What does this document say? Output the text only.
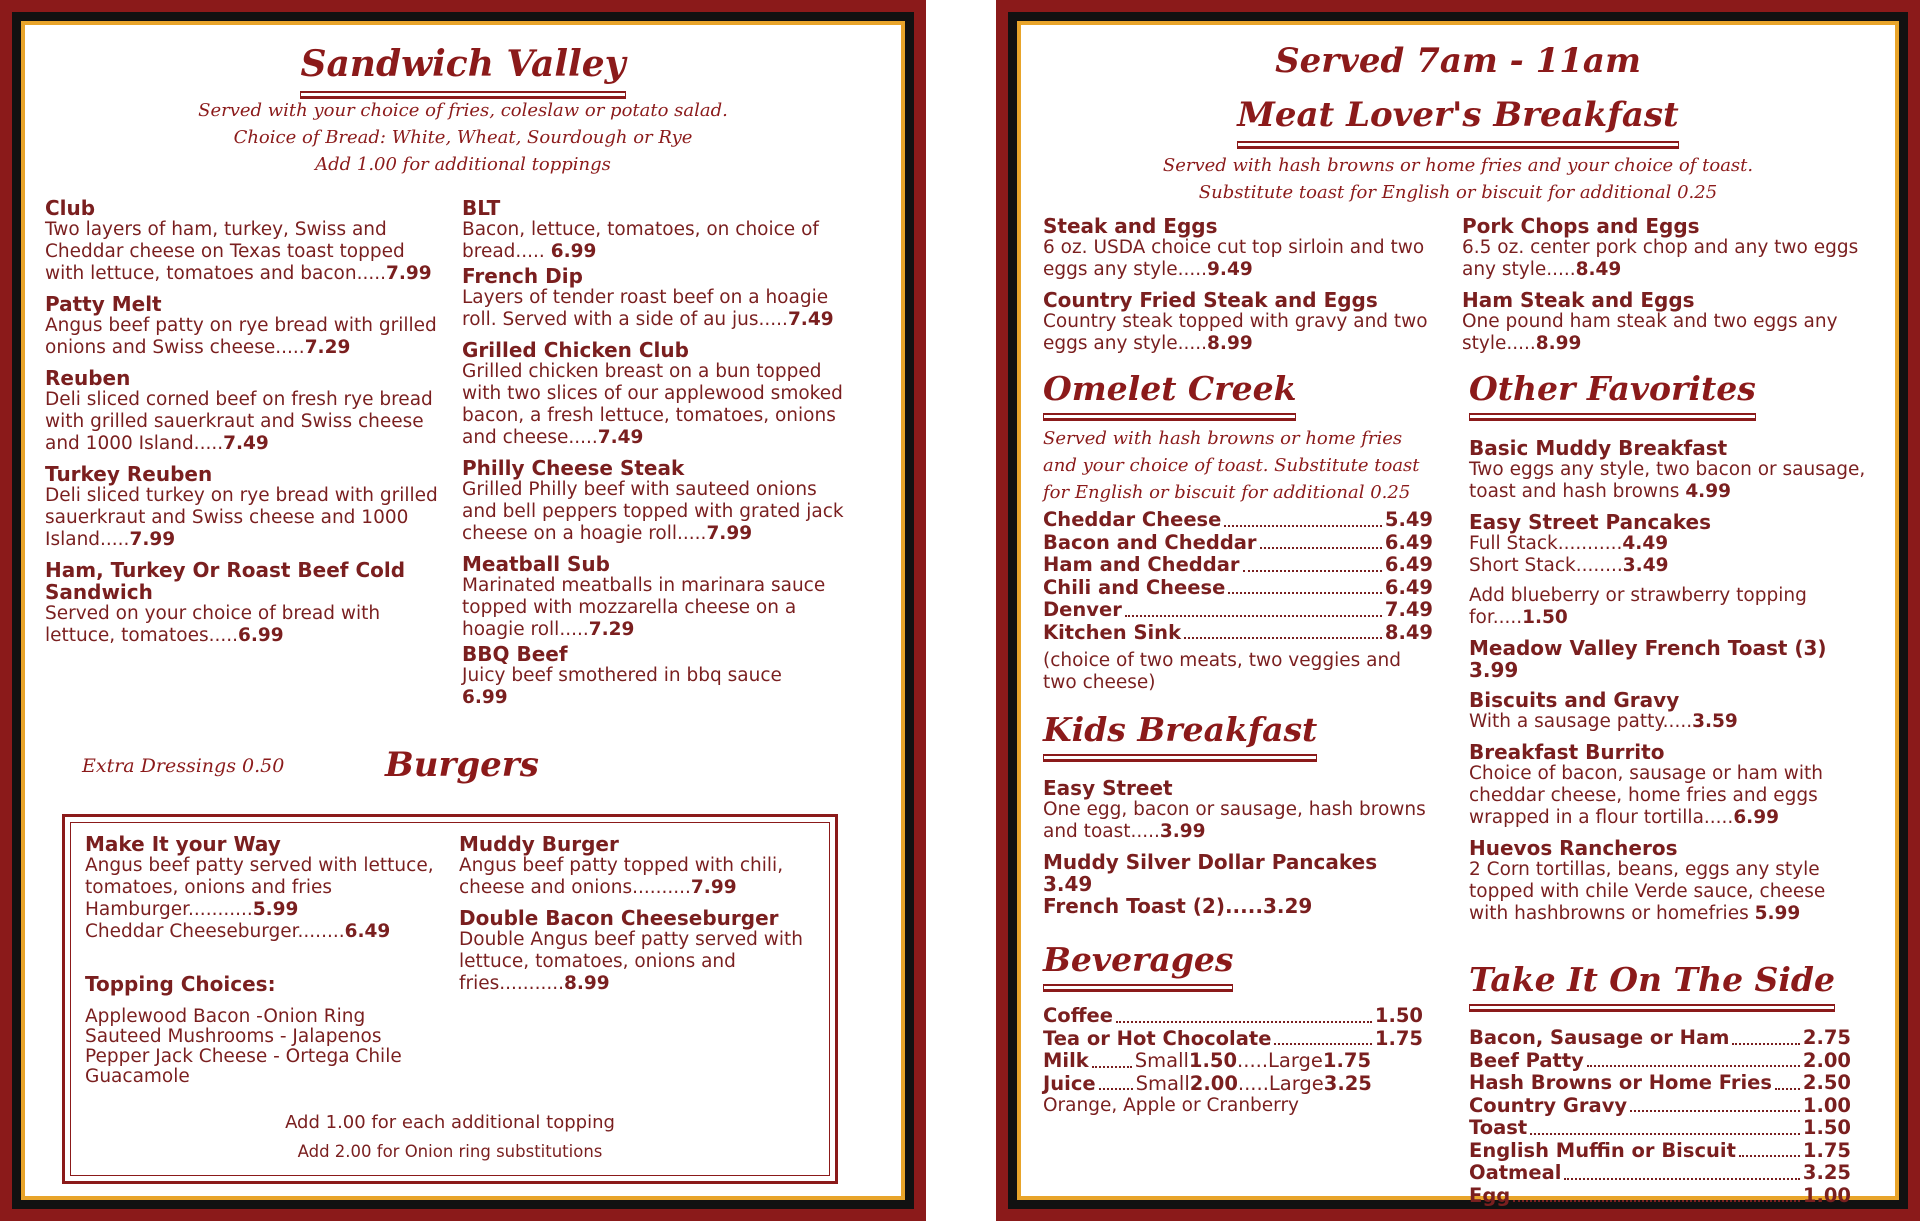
Sandwich Valley
Served with your choice of fries, coleslaw or potato salad.
Choice of Bread: White, Wheat, Sourdough or Rye
Add 1.00 for additional toppings
Club
Two layers of ham, turkey, Swiss and Cheddar cheese on Texas toast topped with lettuce, tomatoes and bacon.....7.99
Patty Melt
Angus beef patty on rye bread with grilled onions and Swiss cheese.....7.29
Reuben
Deli sliced corned beef on fresh rye bread with grilled sauerkraut and Swiss cheese and 1000 Island.....7.49
Turkey Reuben
Deli sliced turkey on rye bread with grilled sauerkraut and Swiss cheese and 1000 Island.....7.99
Ham, Turkey Or Roast Beef Cold Sandwich
Served on your choice of bread with lettuce, tomatoes.....6.99
BLT
Bacon, lettuce, tomatoes, on choice of bread..... 6.99
French Dip
Layers of tender roast beef on a hoagie roll. Served with a side of au jus.....7.49
Grilled Chicken Club
Grilled chicken breast on a bun topped with two slices of our applewood smoked bacon, a fresh lettuce, tomatoes, onions and cheese.....7.49
Philly Cheese Steak
Grilled Philly beef with sauteed onions and bell peppers topped with grated jack cheese on a hoagie roll.....7.99
Meatball Sub
Marinated meatballs in marinara sauce topped with mozzarella cheese on a hoagie roll.....7.29
BBQ Beef
Juicy beef smothered in bbq sauce
6.99
Extra Dressings 0.50	Burgers
Make It your Way
Angus beef patty served with lettuce, tomatoes, onions and fries
Hamburger...........5.99
Cheddar Cheeseburger........6.49
Topping Choices:
Applewood Bacon -Onion Ring
Sauteed Mushrooms - Jalapenos
Pepper Jack Cheese - Ortega Chile
Guacamole
Muddy Burger
Angus beef patty topped with chili, cheese and onions..........7.99
Double Bacon Cheeseburger
Double Angus beef patty served with lettuce, tomatoes, onions and fries...........8.99
Add 1.00 for each additional topping
Add 2.00 for Onion ring substitutions
Served 7am - 11am
Meat Lover's Breakfast
Served with hash browns or home fries and your choice of toast.
Substitute toast for English or biscuit for additional 0.25
Steak and Eggs
6 oz. USDA choice cut top sirloin and two eggs any style.....9.49
Country Fried Steak and Eggs
Country steak topped with gravy and two eggs any style.....8.99
Pork Chops and Eggs
6.5 oz. center pork chop and any two eggs any style.....8.49
Ham Steak and Eggs
One pound ham steak and two eggs any style.....8.99
Omelet Creek
Served with hash browns or home fries and your choice of toast. Substitute toast for English or biscuit for additional 0.25
Cheddar Cheese	5.49
Bacon and Cheddar	6.49
Ham and Cheddar	6.49
Chili and Cheese	6.49
Denver	7.49
Kitchen Sink	8.49
(choice of two meats, two veggies and two cheese)
Kids Breakfast
Easy Street
One egg, bacon or sausage, hash browns and toast.....3.99
Muddy Silver Dollar Pancakes
3.49
French Toast (2).....3.29
Beverages
Coffee	1.50
Tea or Hot Chocolate	1.75
Milk Small 1.50 .....Large 1.75
Juice Small 2.00 .....Large 3.25
Orange, Apple or Cranberry
Other Favorites
Basic Muddy Breakfast
Two eggs any style, two bacon or sausage, toast and hash browns 4.99
Easy Street Pancakes
Full Stack...........4.49
Short Stack........3.49
Add blueberry or strawberry topping for.....1.50
Meadow Valley French Toast (3)
3.99
Biscuits and Gravy
With a sausage patty.....3.59
Breakfast Burrito
Choice of bacon, sausage or ham with cheddar cheese, home fries and eggs wrapped in a flour tortilla.....6.99
Huevos Rancheros
2 Corn tortillas, beans, eggs any style topped with chile Verde sauce, cheese with hashbrowns or homefries 5.99
Take It On The Side
Bacon, Sausage or Ham	2.75
Beef Patty	2.00
Hash Browns or Home Fries 2.50
Country Gravy	1.00
Toast	1.50
English Muffin or Biscuit	1.75
Oatmeal	3.25
Egg	1.00
